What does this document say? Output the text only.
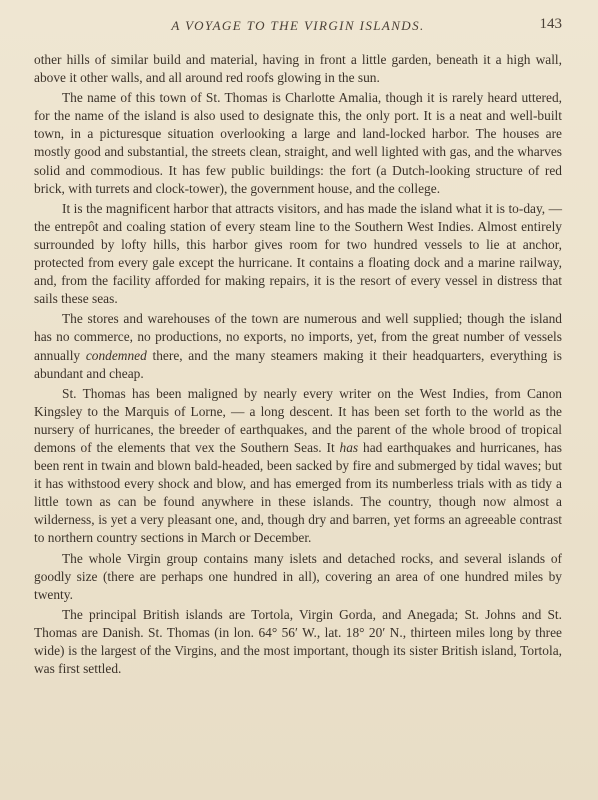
A VOYAGE TO THE VIRGIN ISLANDS.	143

other hills of similar build and material, having in front a little garden, beneath it a high wall, above it other walls, and all around red roofs glowing in the sun.

The name of this town of St. Thomas is Charlotte Amalia, though it is rarely heard uttered, for the name of the island is also used to designate this, the only port. It is a neat and well-built town, in a picturesque situation overlooking a large and land-locked harbor. The houses are mostly good and substantial, the streets clean, straight, and well lighted with gas, and the wharves solid and commodious. It has few public buildings: the fort (a Dutch-looking structure of red brick, with turrets and clock-tower), the government house, and the college.

It is the magnificent harbor that attracts visitors, and has made the island what it is to-day, — the entrepôt and coaling station of every steam line to the Southern West Indies. Almost entirely surrounded by lofty hills, this harbor gives room for two hundred vessels to lie at anchor, protected from every gale except the hurricane. It contains a floating dock and a marine railway, and, from the facility afforded for making repairs, it is the resort of every vessel in distress that sails these seas.

The stores and warehouses of the town are numerous and well supplied; though the island has no commerce, no productions, no exports, no imports, yet, from the great number of vessels annually condemned there, and the many steamers making it their headquarters, everything is abundant and cheap.

St. Thomas has been maligned by nearly every writer on the West Indies, from Canon Kingsley to the Marquis of Lorne, — a long descent. It has been set forth to the world as the nursery of hurricanes, the breeder of earthquakes, and the parent of the whole brood of tropical demons of the elements that vex the Southern Seas. It has had earthquakes and hurricanes, has been rent in twain and blown bald-headed, been sacked by fire and submerged by tidal waves; but it has withstood every shock and blow, and has emerged from its numberless trials with as tidy a little town as can be found anywhere in these islands. The country, though now almost a wilderness, is yet a very pleasant one, and, though dry and barren, yet forms an agreeable contrast to northern country sections in March or December.

The whole Virgin group contains many islets and detached rocks, and several islands of goodly size (there are perhaps one hundred in all), covering an area of one hundred miles by twenty.

The principal British islands are Tortola, Virgin Gorda, and Anegada; St. Johns and St. Thomas are Danish. St. Thomas (in lon. 64° 56′ W., lat. 18° 20′ N., thirteen miles long by three wide) is the largest of the Virgins, and the most important, though its sister British island, Tortola, was first settled.
